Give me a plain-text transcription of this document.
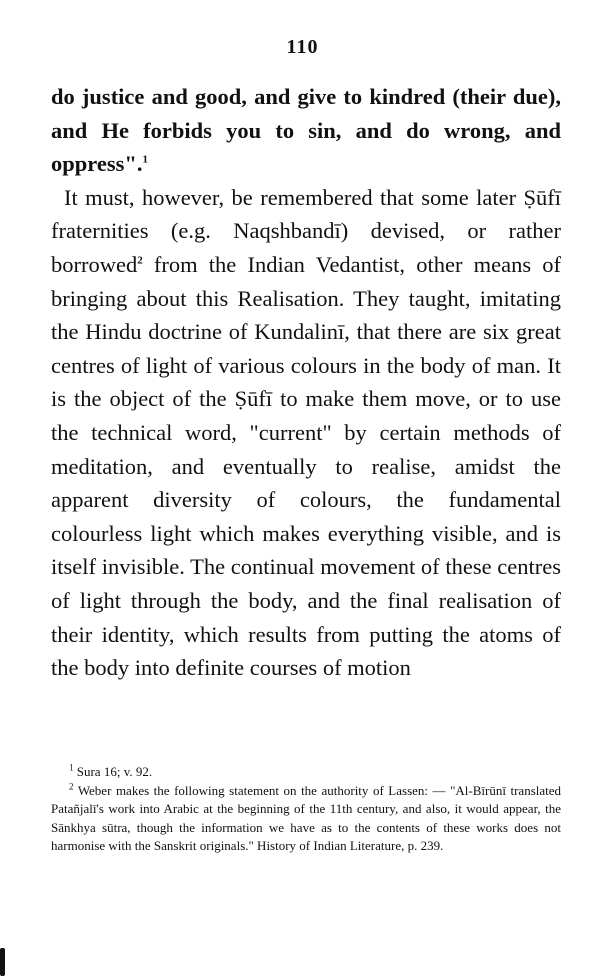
110

do justice and good, and give to kindred (their due), and He forbids you to sin, and do wrong, and oppress".$^1$

It must, however, be remembered that some later Ṣūfī fraternities (e.g. Naqshbandī) devised, or rather borrowed$^2$ from the Indian Vedantist, other means of bringing about this Realisation. They taught, imitating the Hindu doctrine of Kundalinī, that there are six great centres of light of various colours in the body of man. It is the object of the Ṣūfī to make them move, or to use the technical word, "current" by certain methods of meditation, and eventually to realise, amidst the apparent diversity of colours, the fundamental colourless light which makes everything visible, and is itself invisible. The continual movement of these centres of light through the body, and the final realisation of their identity, which results from putting the atoms of the body into definite courses of motion

$^1$ Sura 16; v. 92.

$^2$ Weber makes the following statement on the authority of Lassen: — "Al-Bīrūnī translated Patañjalī's work into Arabic at the beginning of the 11th century, and also, it would appear, the Sānkhya sūtra, though the information we have as to the contents of these works does not harmonise with the Sanskrit originals." History of Indian Literature, p. 239.
